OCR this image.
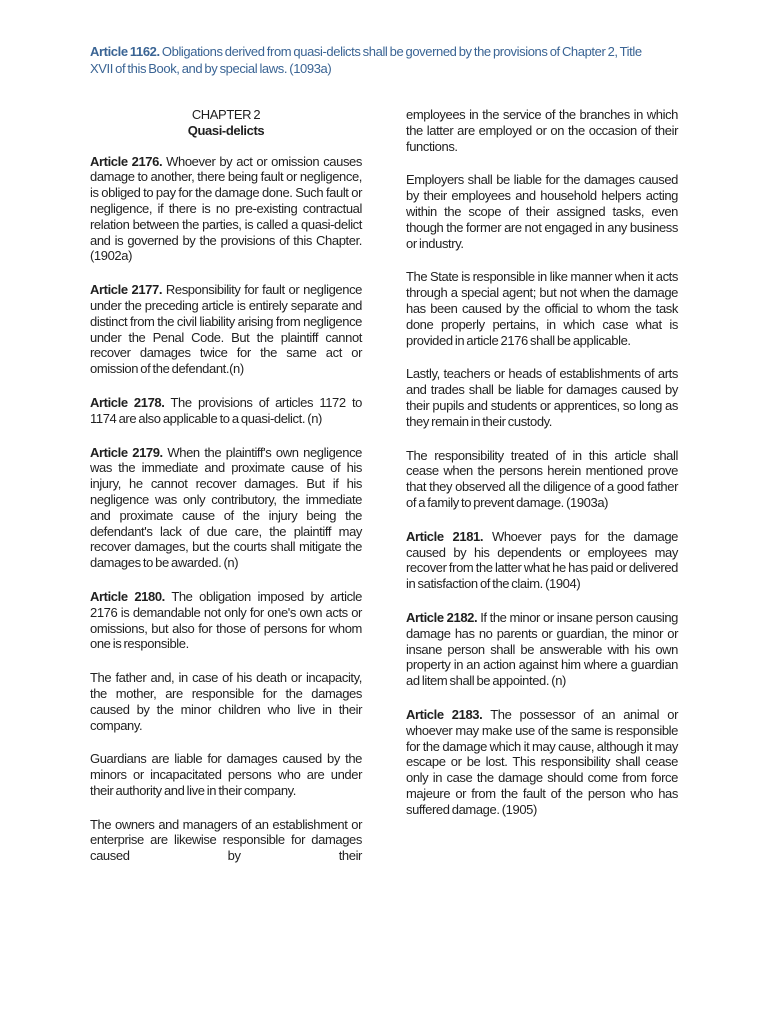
Article 1162. Obligations derived from quasi-delicts shall be governed by the provisions of Chapter 2, Title XVII of this Book, and by special laws. (1093a)

CHAPTER 2
Quasi-delicts

Article 2176. Whoever by act or omission causes damage to another, there being fault or negligence, is obliged to pay for the damage done. Such fault or negligence, if there is no pre-existing contractual relation between the parties, is called a quasi-delict and is governed by the provisions of this Chapter. (1902a)

Article 2177. Responsibility for fault or negligence under the preceding article is entirely separate and distinct from the civil liability arising from negligence under the Penal Code. But the plaintiff cannot recover damages twice for the same act or omission of the defendant.(n)

Article 2178. The provisions of articles 1172 to 1174 are also applicable to a quasi-delict. (n)

Article 2179. When the plaintiff's own negligence was the immediate and proximate cause of his injury, he cannot recover damages. But if his negligence was only contributory, the immediate and proximate cause of the injury being the defendant's lack of due care, the plaintiff may recover damages, but the courts shall mitigate the damages to be awarded. (n)

Article 2180. The obligation imposed by article 2176 is demandable not only for one's own acts or omissions, but also for those of persons for whom one is responsible.

The father and, in case of his death or incapacity, the mother, are responsible for the damages caused by the minor children who live in their company.

Guardians are liable for damages caused by the minors or incapacitated persons who are under their authority and live in their company.

The owners and managers of an establishment or enterprise are likewise responsible for damages caused by their

employees in the service of the branches in which the latter are employed or on the occasion of their functions.

Employers shall be liable for the damages caused by their employees and household helpers acting within the scope of their assigned tasks, even though the former are not engaged in any business or industry.

The State is responsible in like manner when it acts through a special agent; but not when the damage has been caused by the official to whom the task done properly pertains, in which case what is provided in article 2176 shall be applicable.

Lastly, teachers or heads of establishments of arts and trades shall be liable for damages caused by their pupils and students or apprentices, so long as they remain in their custody.

The responsibility treated of in this article shall cease when the persons herein mentioned prove that they observed all the diligence of a good father of a family to prevent damage. (1903a)

Article 2181. Whoever pays for the damage caused by his dependents or employees may recover from the latter what he has paid or delivered in satisfaction of the claim. (1904)

Article 2182. If the minor or insane person causing damage has no parents or guardian, the minor or insane person shall be answerable with his own property in an action against him where a guardian ad litem shall be appointed. (n)

Article 2183. The possessor of an animal or whoever may make use of the same is responsible for the damage which it may cause, although it may escape or be lost. This responsibility shall cease only in case the damage should come from force majeure or from the fault of the person who has suffered damage. (1905)
